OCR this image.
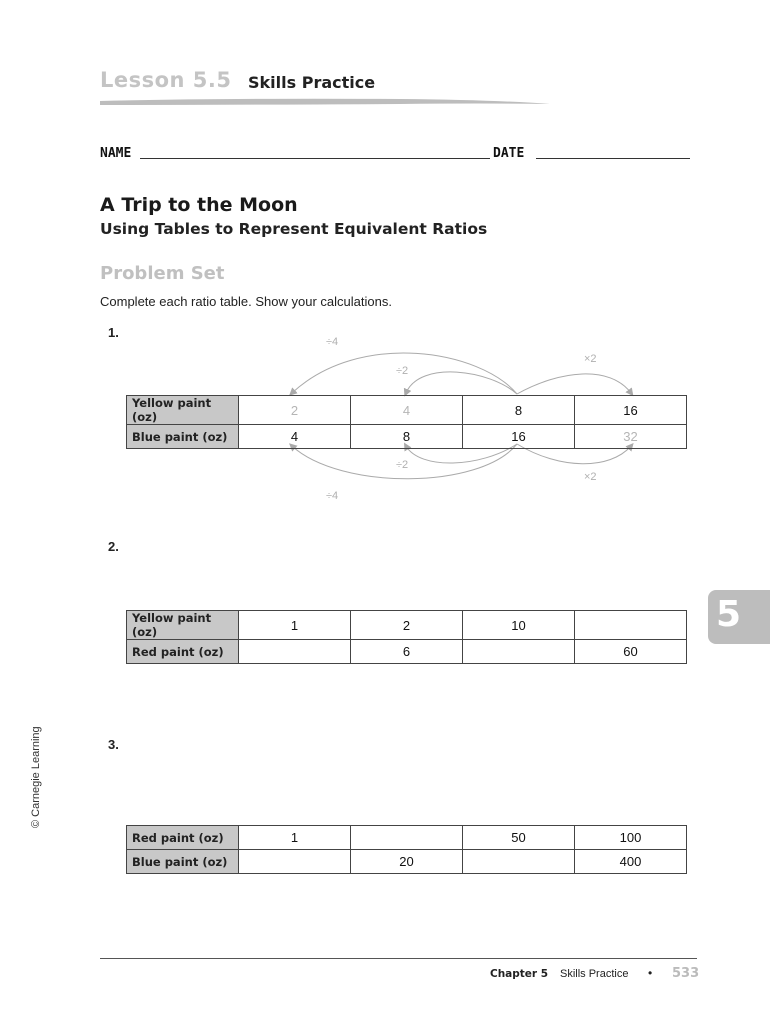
Lesson 5.5 Skills Practice
NAME	DATE
A Trip to the Moon
Using Tables to Represent Equivalent Ratios
Problem Set
Complete each ratio table. Show your calculations.
1.
÷4
÷2
×2
÷2
×2
÷4
Yellow paint (oz)	2	4	8	16
Blue paint (oz)	4	8	16	32
2.
Yellow paint (oz)	1	2	10	
Red paint (oz)		6		60
3.
Red paint (oz)	1		50	100
Blue paint (oz)		20		400
5
© Carnegie Learning
Chapter 5 Skills Practice • 533
